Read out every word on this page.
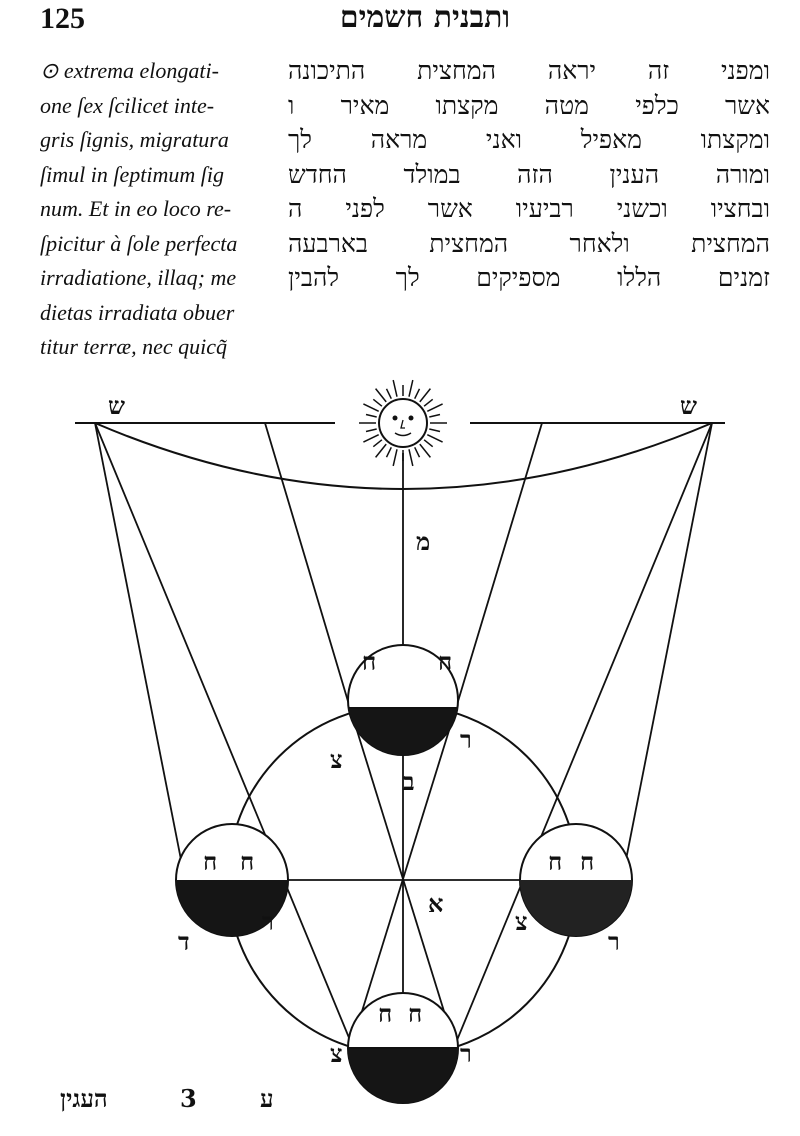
125	ותבנית חשמים
⊙ extrema elongati-
one ſex ſcilicet inte-
gris ſignis, migratura
ſimul in ſeptimum ſig
num. Et in eo loco re-
ſpicitur à ſole perfecta
irradiatione, illaq; me
dietas irradiata obuer
titur terræ, nec quicq̃
ומפני זה יראה המחצית התיכונה
אשר כלפי מטה מקצתו מאיר ו
ומקצתו מאפיל ואני מראה לך
ומורה הענין הזה במולד החדש
ובחציו וכשני רביעיו אשר לפני ה
המחצית ולאחר המחצית בארבעה
זמנים הללו מספיקים לך להבין
ש	ש
מ
ח	ח
צ
ר
ב
א
ח ח
ד
ר
ח ח
צ
ר
ח ח
צ	ר
העגין	3	ע
